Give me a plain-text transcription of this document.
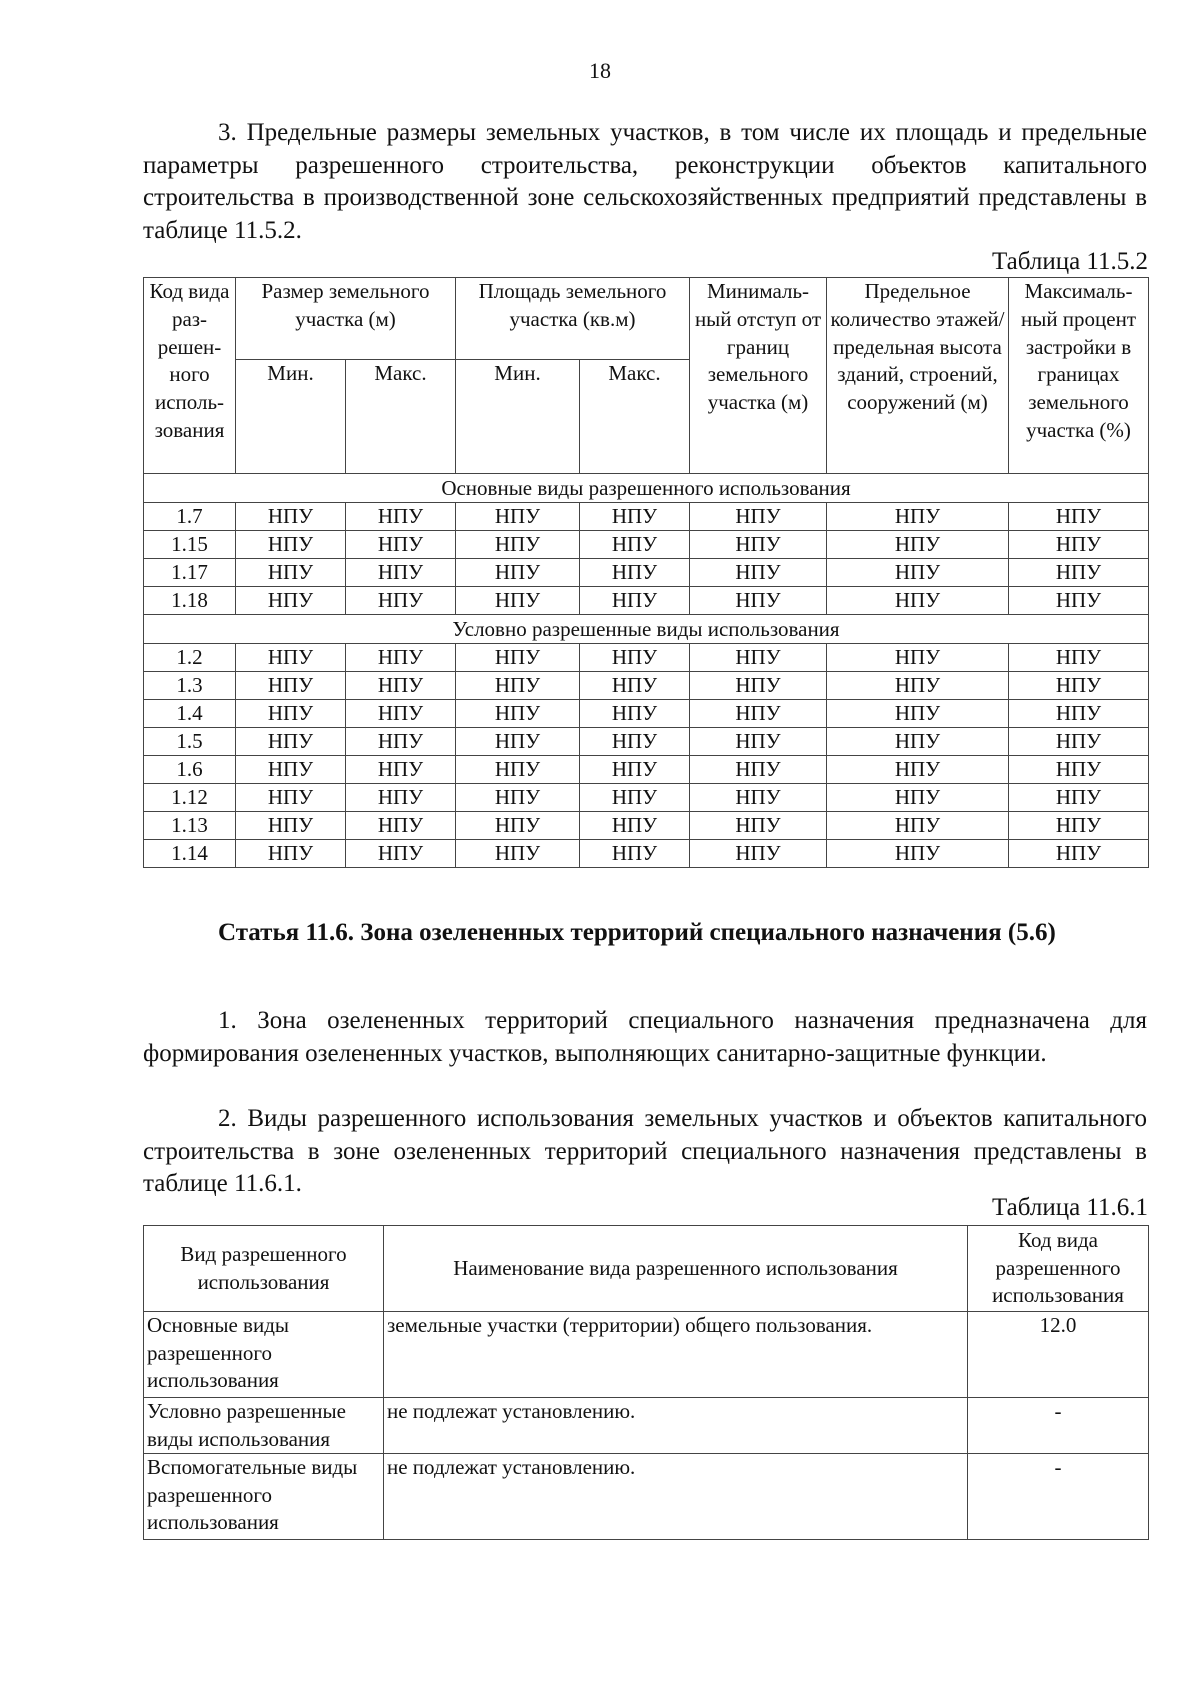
18

3. Предельные размеры земельных участков, в том числе их площадь и предельные параметры разрешенного строительства, реконструкции объектов капитального строительства в производственной зоне сельскохозяйственных предприятий представлены в таблице 11.5.2.

Таблица 11.5.2
Код вида раз-решен-ного исполь-зования	Размер земельного участка (м)		Площадь земельного участка (кв.м)		Минималь-ный отступ от границ земельного участка (м)	Предельное количество этажей/ предельная высота зданий, строений, сооружений (м)	Максималь-ный процент застройки в границах земельного участка (%)
	Мин.	Макс.	Мин.	Макс.			
Основные виды разрешенного использования							
1.7	НПУ	НПУ	НПУ	НПУ	НПУ	НПУ	НПУ
1.15	НПУ	НПУ	НПУ	НПУ	НПУ	НПУ	НПУ
1.17	НПУ	НПУ	НПУ	НПУ	НПУ	НПУ	НПУ
1.18	НПУ	НПУ	НПУ	НПУ	НПУ	НПУ	НПУ
Условно разрешенные виды использования							
1.2	НПУ	НПУ	НПУ	НПУ	НПУ	НПУ	НПУ
1.3	НПУ	НПУ	НПУ	НПУ	НПУ	НПУ	НПУ
1.4	НПУ	НПУ	НПУ	НПУ	НПУ	НПУ	НПУ
1.5	НПУ	НПУ	НПУ	НПУ	НПУ	НПУ	НПУ
1.6	НПУ	НПУ	НПУ	НПУ	НПУ	НПУ	НПУ
1.12	НПУ	НПУ	НПУ	НПУ	НПУ	НПУ	НПУ
1.13	НПУ	НПУ	НПУ	НПУ	НПУ	НПУ	НПУ
1.14	НПУ	НПУ	НПУ	НПУ	НПУ	НПУ	НПУ

Статья 11.6. Зона озелененных территорий специального назначения (5.6)

1. Зона озелененных территорий специального назначения предназначена для формирования озелененных участков, выполняющих санитарно-защитные функции.

2. Виды разрешенного использования земельных участков и объектов капитального строительства в зоне озелененных территорий специального назначения представлены в таблице 11.6.1.

Таблица 11.6.1
Вид разрешенного использования	Наименование вида разрешенного использования	Код вида разрешенного использования
Основные виды разрешенного использования	земельные участки (территории) общего пользования.	12.0
Условно разрешенные виды использования	не подлежат установлению.	-
Вспомогательные виды разрешенного использования	не подлежат установлению.	-
